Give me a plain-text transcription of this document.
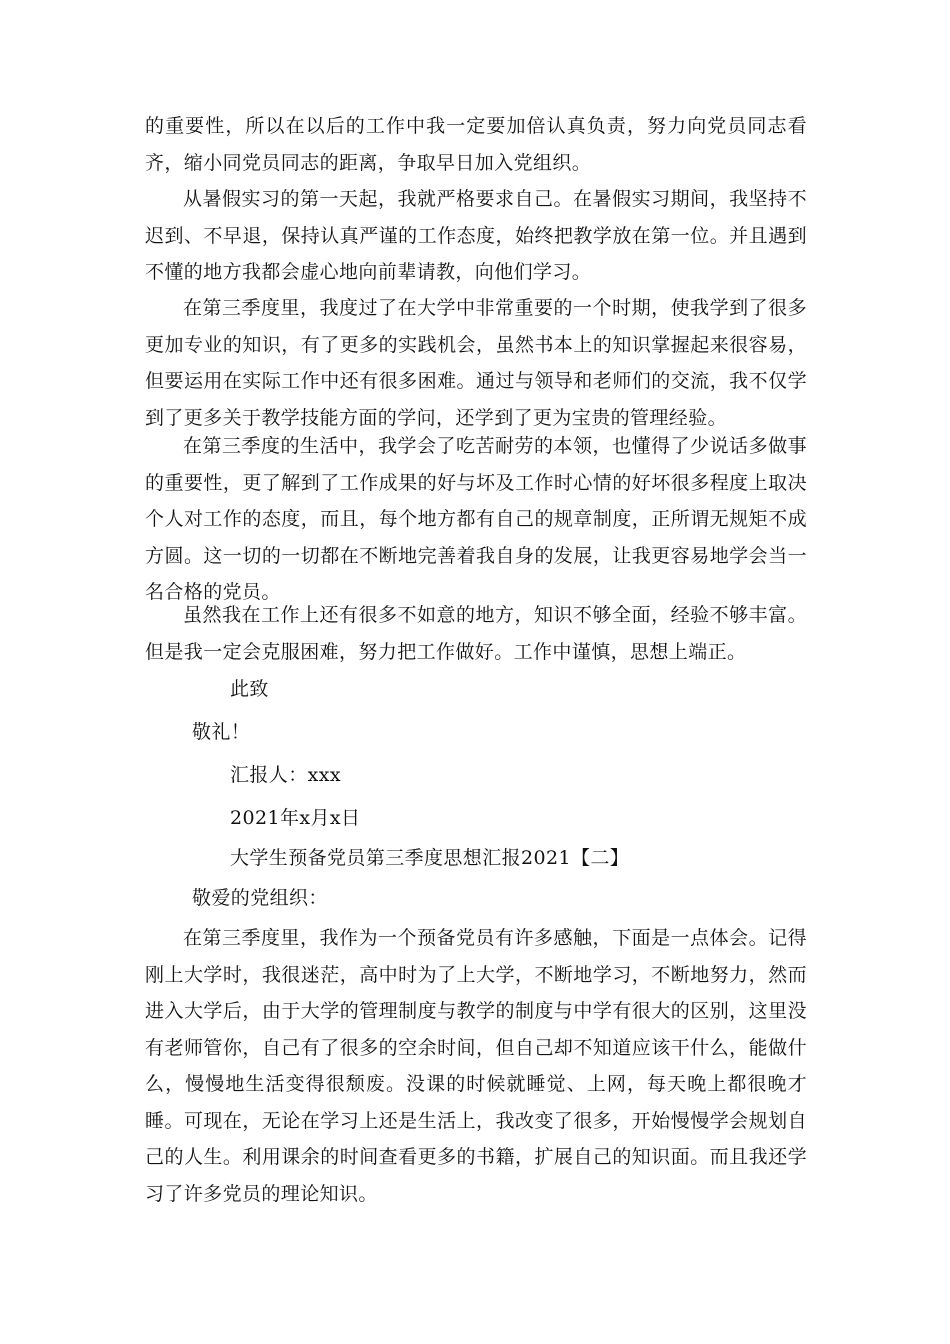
的重要性，所以在以后的工作中我一定要加倍认真负责，努力向党员同志看齐，缩小同党员同志的距离，争取早日加入党组织。

从暑假实习的第一天起，我就严格要求自己。在暑假实习期间，我坚持不迟到、不早退，保持认真严谨的工作态度，始终把教学放在第一位。并且遇到不懂的地方我都会虚心地向前辈请教，向他们学习。

在第三季度里，我度过了在大学中非常重要的一个时期，使我学到了很多更加专业的知识，有了更多的实践机会，虽然书本上的知识掌握起来很容易，但要运用在实际工作中还有很多困难。通过与领导和老师们的交流，我不仅学到了更多关于教学技能方面的学问，还学到了更为宝贵的管理经验。

在第三季度的生活中，我学会了吃苦耐劳的本领，也懂得了少说话多做事的重要性，更了解到了工作成果的好与坏及工作时心情的好坏很多程度上取决个人对工作的态度，而且，每个地方都有自己的规章制度，正所谓无规矩不成方圆。这一切的一切都在不断地完善着我自身的发展，让我更容易地学会当一名合格的党员。

虽然我在工作上还有很多不如意的地方，知识不够全面，经验不够丰富。但是我一定会克服困难，努力把工作做好。工作中谨慎，思想上端正。

此致

敬礼！

汇报人：xxx

2021年x月x日

大学生预备党员第三季度思想汇报2021【二】

敬爱的党组织：

在第三季度里，我作为一个预备党员有许多感触，下面是一点体会。记得刚上大学时，我很迷茫，高中时为了上大学，不断地学习，不断地努力，然而进入大学后，由于大学的管理制度与教学的制度与中学有很大的区别，这里没有老师管你，自己有了很多的空余时间，但自己却不知道应该干什么，能做什么，慢慢地生活变得很颓废。没课的时候就睡觉、上网，每天晚上都很晚才睡。可现在，无论在学习上还是生活上，我改变了很多，开始慢慢学会规划自己的人生。利用课余的时间查看更多的书籍，扩展自己的知识面。而且我还学习了许多党员的理论知识。
